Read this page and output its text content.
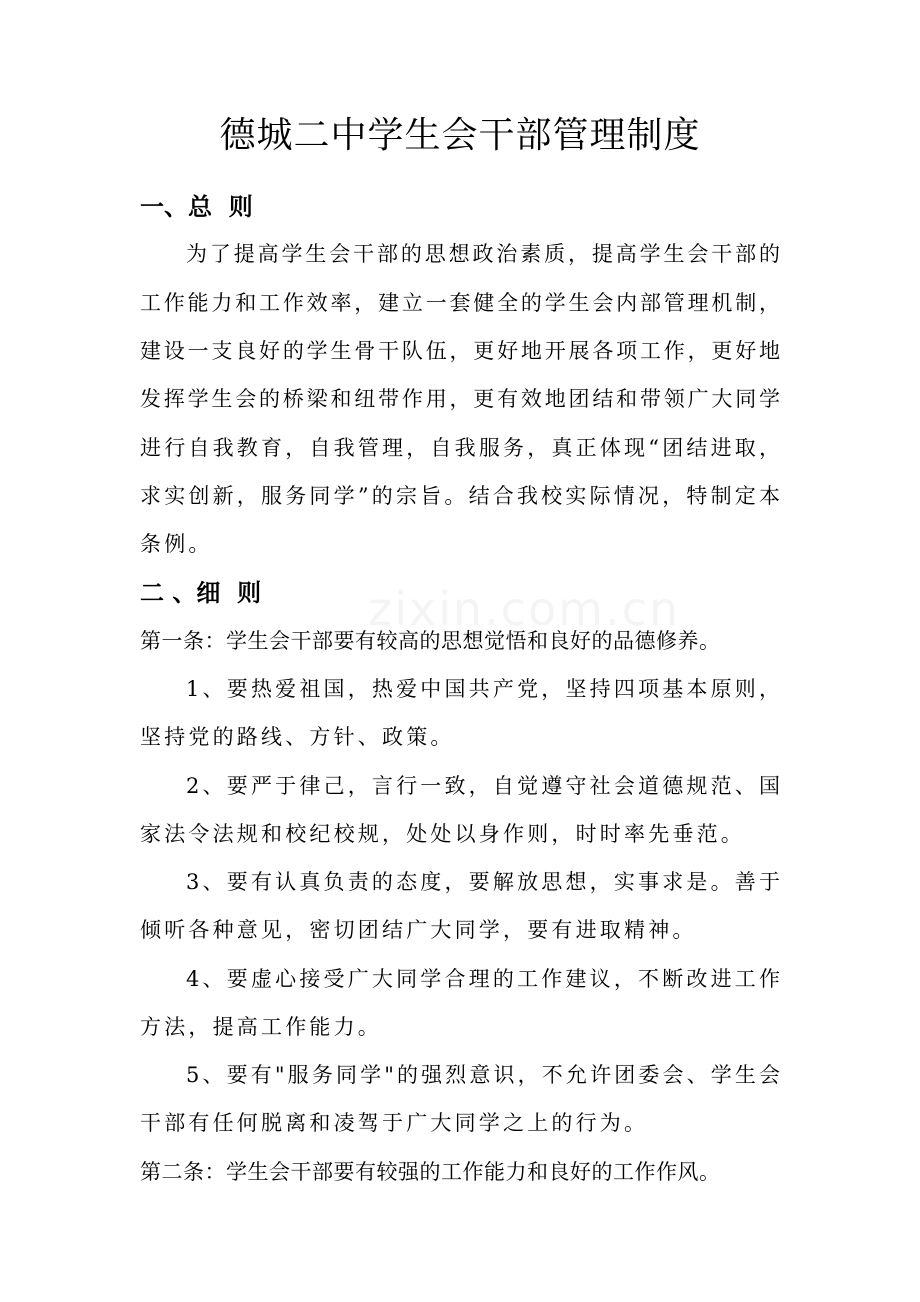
德城二中学生会干部管理制度
一、总  则
为了提高学生会干部的思想政治素质，提高学生会干部的
工作能力和工作效率，建立一套健全的学生会内部管理机制，
建设一支良好的学生骨干队伍，更好地开展各项工作，更好地
发挥学生会的桥梁和纽带作用，更有效地团结和带领广大同学
进行自我教育，自我管理，自我服务，真正体现“团结进取，
求实创新，服务同学”的宗旨。结合我校实际情况，特制定本
条例。
二 、细  则
第一条：学生会干部要有较高的思想觉悟和良好的品德修养。
1、要热爱祖国，热爱中国共产党，坚持四项基本原则，
坚持党的路线、方针、政策。
2、要严于律己，言行一致，自觉遵守社会道德规范、国
家法令法规和校纪校规，处处以身作则，时时率先垂范。
3、要有认真负责的态度，要解放思想，实事求是。善于
倾听各种意见，密切团结广大同学，要有进取精神。
4、要虚心接受广大同学合理的工作建议，不断改进工作
方法，提高工作能力。
5、要有"服务同学"的强烈意识，不允许团委会、学生会
干部有任何脱离和凌驾于广大同学之上的行为。
第二条：学生会干部要有较强的工作能力和良好的工作作风。
